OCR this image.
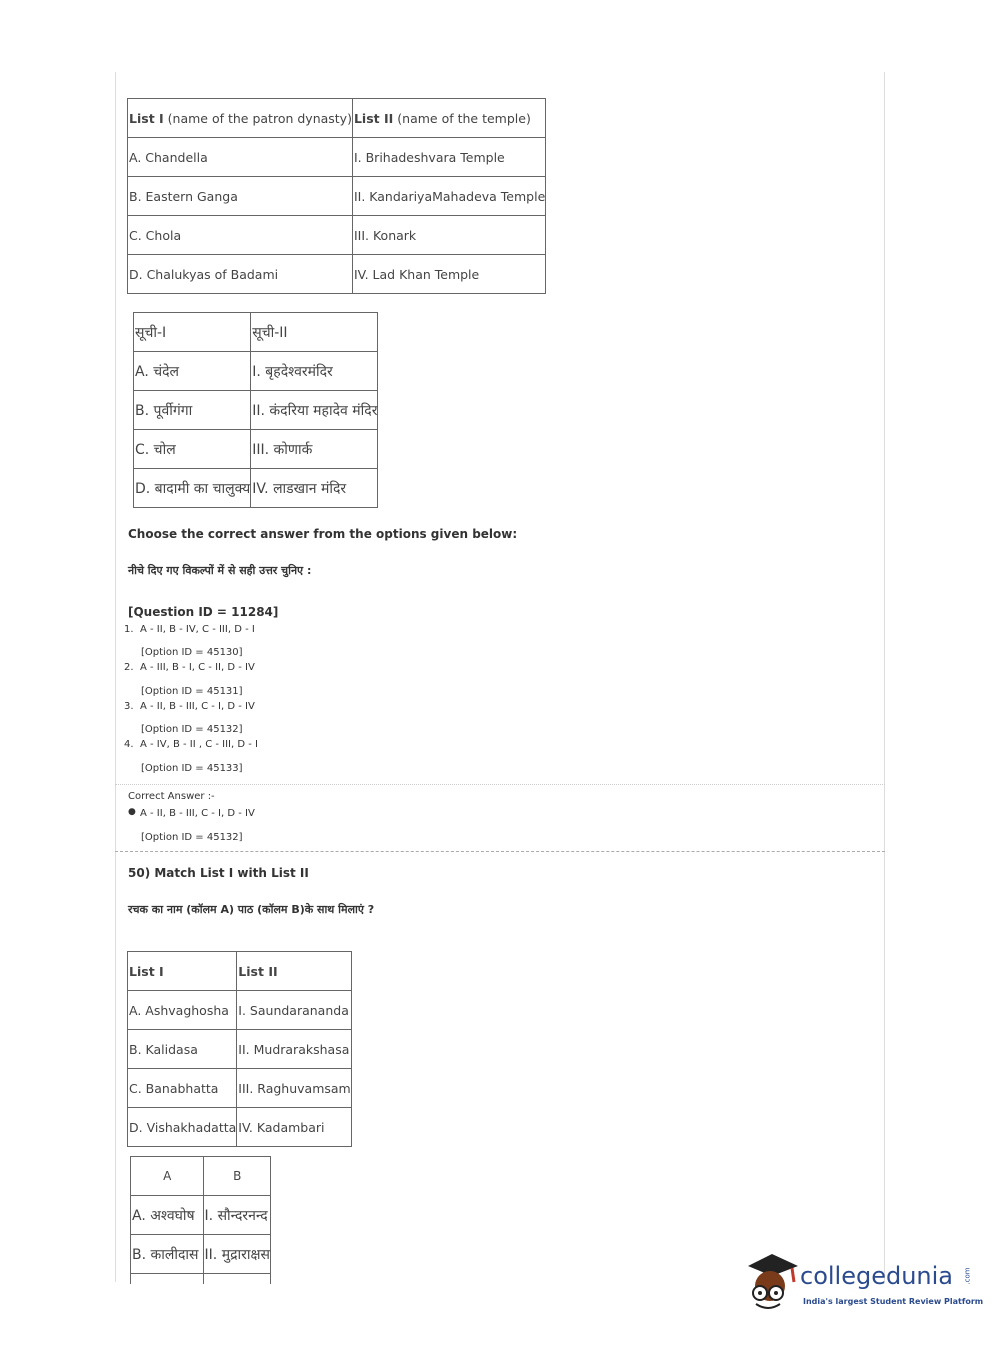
List I (name of the patron dynasty)	List II (name of the temple)
A. Chandella	I. Brihadeshvara Temple
B. Eastern Ganga	II. KandariyaMahadeva Temple
C. Chola	III. Konark
D. Chalukyas of Badami	IV. Lad Khan Temple
सूची-I	सूची-II
A. चंदेल	I. बृहदेश्वरमंदिर
B. पूर्वीगंगा	II. कंदरिया महादेव मंदिर
C. चोल	III. कोणार्क
D. बादामी का चालुक्य	IV. लाडखान मंदिर
Choose the correct answer from the options given below:
नीचे दिए गए विकल्पों में से सही उत्तर चुनिए :
[Question ID = 11284]
1. A - II, B - IV, C - III, D - I
[Option ID = 45130]
2. A - III, B - I, C - II, D - IV
[Option ID = 45131]
3. A - II, B - III, C - I, D - IV
[Option ID = 45132]
4. A - IV, B - II , C - III, D - I
[Option ID = 45133]
Correct Answer :-
● A - II, B - III, C - I, D - IV
[Option ID = 45132]
50) Match List I with List II
रचक का नाम (कॉलम A) पाठ (कॉलम B)के साथ मिलाएं ?
List I	List II
A. Ashvaghosha	I. Saundarananda
B. Kalidasa	II. Mudrarakshasa
C. Banabhatta	III. Raghuvamsam
D. Vishakhadatta	IV. Kadambari
A	B
A. अश्वघोष	I. सौन्दरनन्द
B. कालीदास	II. मुद्राराक्षस

collegedunia .com
India's largest Student Review Platform
